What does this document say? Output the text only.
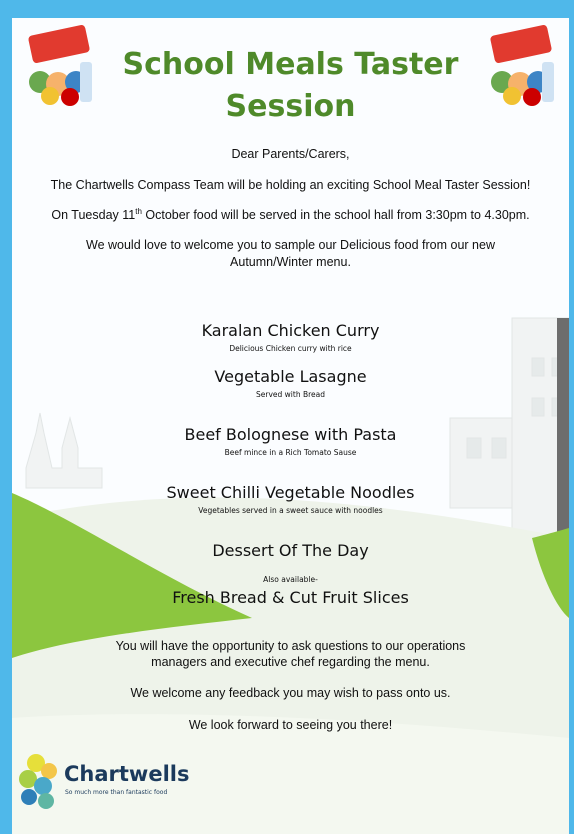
School Meals Taster
Session
Dear Parents/Carers,
The Chartwells Compass Team will be holding an exciting School Meal Taster Session!
On Tuesday 11th October food will be served in the school hall from 3:30pm to 4.30pm.
We would love to welcome you to sample our Delicious food from our new
Autumn/Winter menu.
Karalan Chicken Curry
Delicious Chicken curry with rice
Vegetable Lasagne
Served with Bread
Beef Bolognese with Pasta
Beef mince in a Rich Tomato Sause
Sweet Chilli Vegetable Noodles
Vegetables served in a sweet sauce with noodles
Dessert Of The Day
Also available-
Fresh Bread & Cut Fruit Slices
You will have the opportunity to ask questions to our operations
managers and executive chef regarding the menu.
We welcome any feedback you may wish to pass onto us.
We look forward to seeing you there!
Chartwells
So much more than fantastic food
